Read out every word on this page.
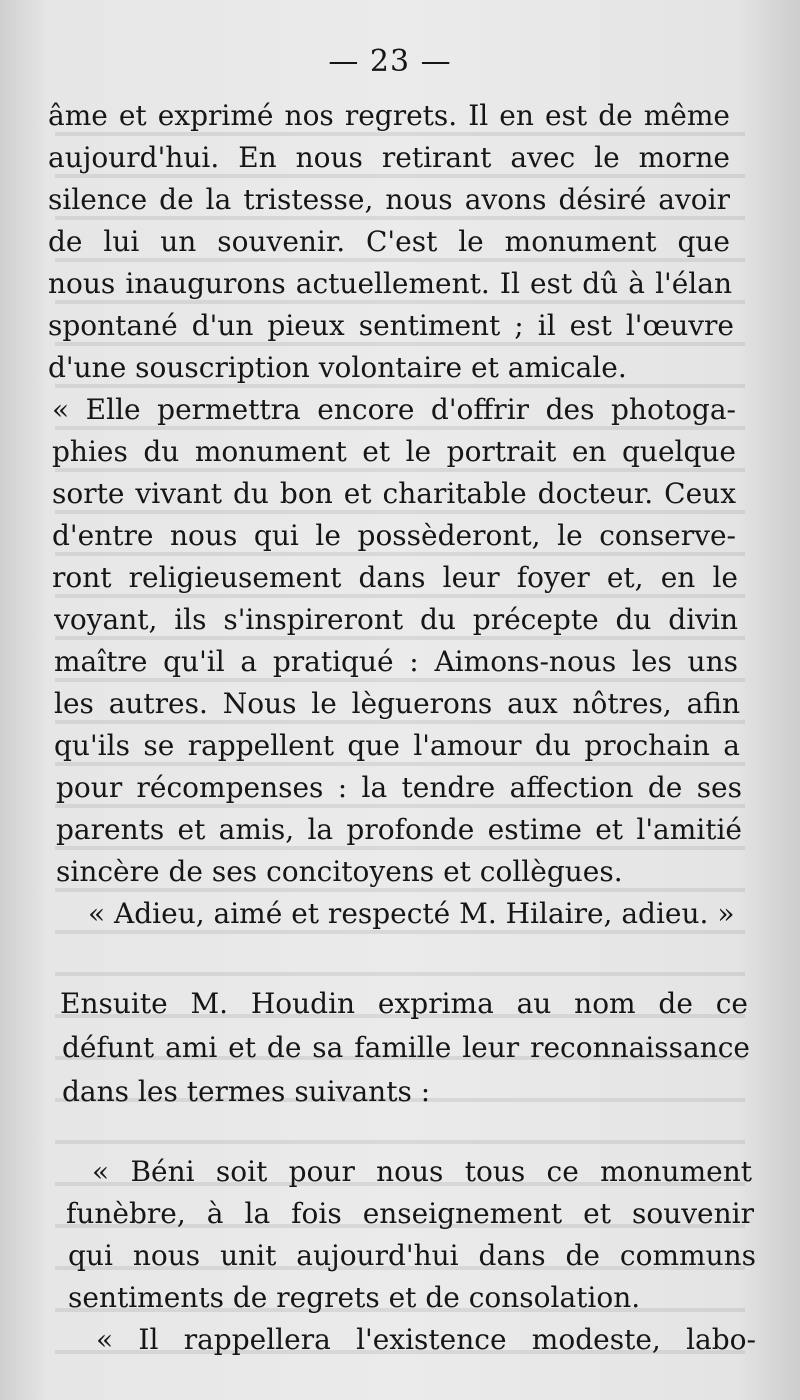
— 23 —
âme et exprimé nos regrets. Il en est de même
aujourd'hui. En nous retirant avec le morne
silence de la tristesse, nous avons désiré avoir
de lui un souvenir. C'est le monument que
nous inaugurons actuellement. Il est dû à l'élan
spontané d'un pieux sentiment ; il est l'œuvre
d'une souscription volontaire et amicale.
« Elle permettra encore d'offrir des photoga-
phies du monument et le portrait en quelque
sorte vivant du bon et charitable docteur. Ceux
d'entre nous qui le possèderont, le conserve-
ront religieusement dans leur foyer et, en le
voyant, ils s'inspireront du précepte du divin
maître qu'il a pratiqué : Aimons-nous les uns
les autres. Nous le lèguerons aux nôtres, afin
qu'ils se rappellent que l'amour du prochain a
pour récompenses : la tendre affection de ses
parents et amis, la profonde estime et l'amitié
sincère de ses concitoyens et collègues.
« Adieu, aimé et respecté M. Hilaire, adieu. »
Ensuite M. Houdin exprima au nom de ce
défunt ami et de sa famille leur reconnaissance
dans les termes suivants :
« Béni soit pour nous tous ce monument
funèbre, à la fois enseignement et souvenir
qui nous unit aujourd'hui dans de communs
sentiments de regrets et de consolation.
« Il rappellera l'existence modeste, labo-
